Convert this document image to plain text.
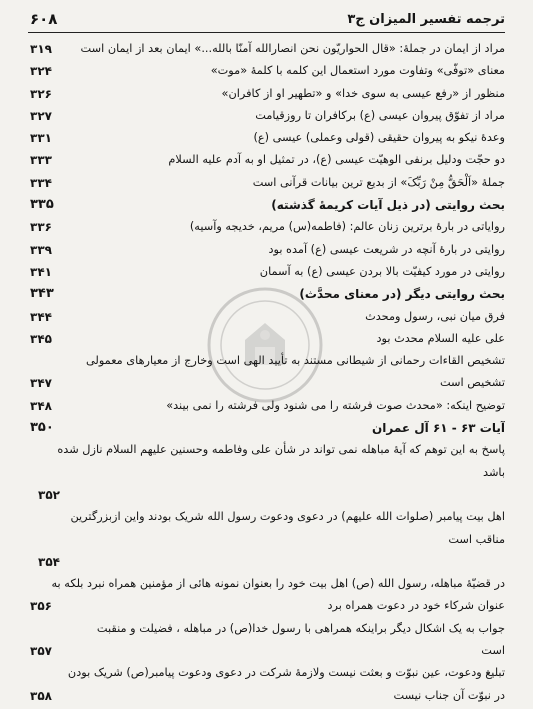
۶۰۸	ترجمه تفسیر المیزان ج۳
مراد از ایمان در جملهٔ: «قال الحواریّون نحن انصارالله آمنّا بالله...» ایمان بعد از ایمان است
۳۱۹
معنای «توفّی» وتفاوت مورد استعمال این کلمه با کلمهٔ «موت»
۳۲۴
منظور از «رفع عیسی به سوی خدا» و «تطهیر او از کافران»
۳۲۶
مراد از تفوّق پیروان عیسی (ع) برکافران تا روزقیامت
۳۲۷
وعدهٔ نیکو به پیروان حقیقی (قولی وعملی) عیسی (ع)
۳۳۱
دو حجّت ودلیل برنفی الوهیّت عیسی (ع)، در تمثیل او به آدم علیه السلام
۳۳۳
جملهٔ «اَلْحَقُّ مِنْ رَبِّکَ» از بدیع ترین بیانات قرآنی است
۳۳۴
بحث روایتی (در ذیل آیات کریمهٔ گذشته)
۳۳۵
روایاتی در بارهٔ برترین زنان عالم: (فاطمه(س) مریم، خدیجه وآسیه)
۳۳۶
روایتی در بارهٔ آنچه در شریعت عیسی (ع) آمده بود
۳۳۹
روایتی در مورد کیفیّت بالا بردن عیسی (ع) به آسمان
۳۴۱
بحث روایتی دیگر (در معنای محدَّث)
۳۴۳
فرق میان نبی، رسول ومحدث
۳۴۴
علی علیه السلام محدث بود
۳۴۵
تشخیص القاءات رحمانی از شیطانی مستند به تأیید الهی است وخارج از معیارهای معمولی
تشخیص است
۳۴۷
توضیح اینکه: «محدث صوت فرشته را می شنود ولی فرشته را نمی بیند»
۳۴۸
آیات ۶۳ - ۶۱ آل عمران
۳۵۰
پاسخ به این توهم که آیهٔ مباهله نمی تواند در شأن علی وفاطمه وحسنین علیهم السلام نازل شده
باشد
۳۵۲
اهل بیت پیامبر (صلوات الله علیهم) در دعوی ودعوت رسول الله شریک بودند واین ازبزرگترین
مناقب است
۳۵۴
در قضیّهٔ مباهله، رسول الله (ص) اهل بیت خود را بعنوان نمونه هائی از مؤمنین همراه نبرد بلکه به
عنوان شرکاء خود در دعوت همراه برد
۳۵۶
جواب به یک اشکال دیگر براینکه همراهی با رسول خدا(ص) در مباهله ، فضیلت و منقبت
است
۳۵۷
تبلیغ ودعوت، عین نبوّت و بعثت نیست ولازمهٔ شرکت در دعوی ودعوت پیامبر(ص) شریک بودن
در نبوّت آن جناب نیست
۳۵۸
